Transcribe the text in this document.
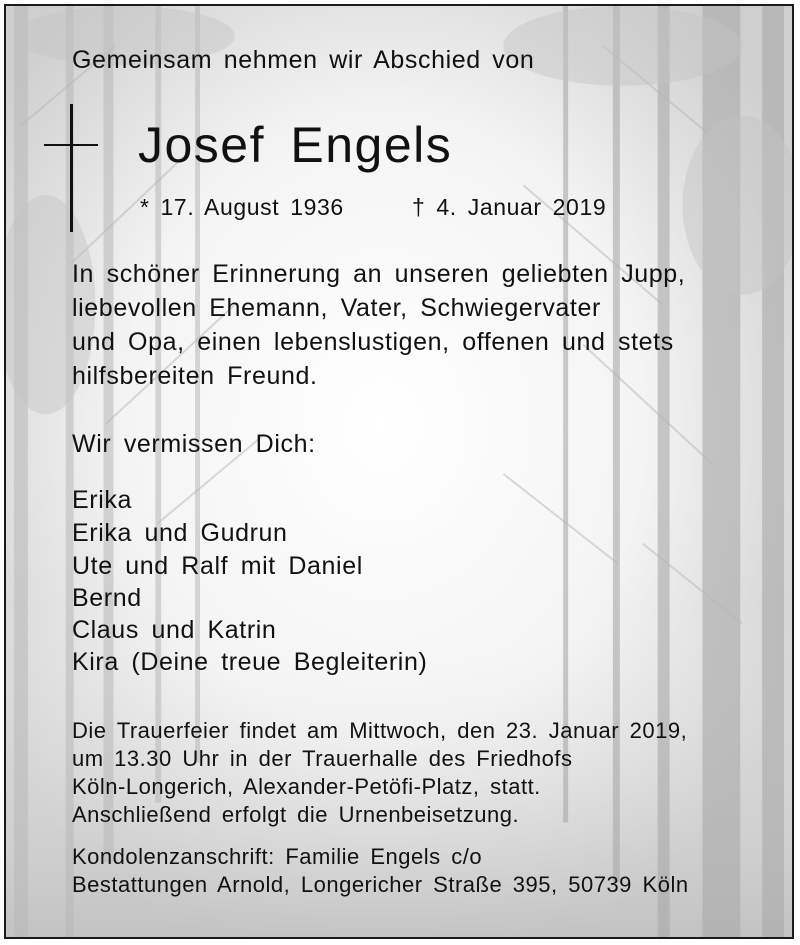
Gemeinsam nehmen wir Abschied von
Josef Engels
* 17. August 1936	† 4. Januar 2019
In schöner Erinnerung an unseren geliebten Jupp,
liebevollen Ehemann, Vater, Schwiegervater
und Opa, einen lebenslustigen, offenen und stets
hilfsbereiten Freund.
Wir vermissen Dich:
Erika
Erika und Gudrun
Ute und Ralf mit Daniel
Bernd
Claus und Katrin
Kira (Deine treue Begleiterin)
Die Trauerfeier findet am Mittwoch, den 23. Januar 2019,
um 13.30 Uhr in der Trauerhalle des Friedhofs
Köln-Longerich, Alexander-Petöfi-Platz, statt.
Anschließend erfolgt die Urnenbeisetzung.
Kondolenzanschrift: Familie Engels c/o
Bestattungen Arnold, Longericher Straße 395, 50739 Köln
